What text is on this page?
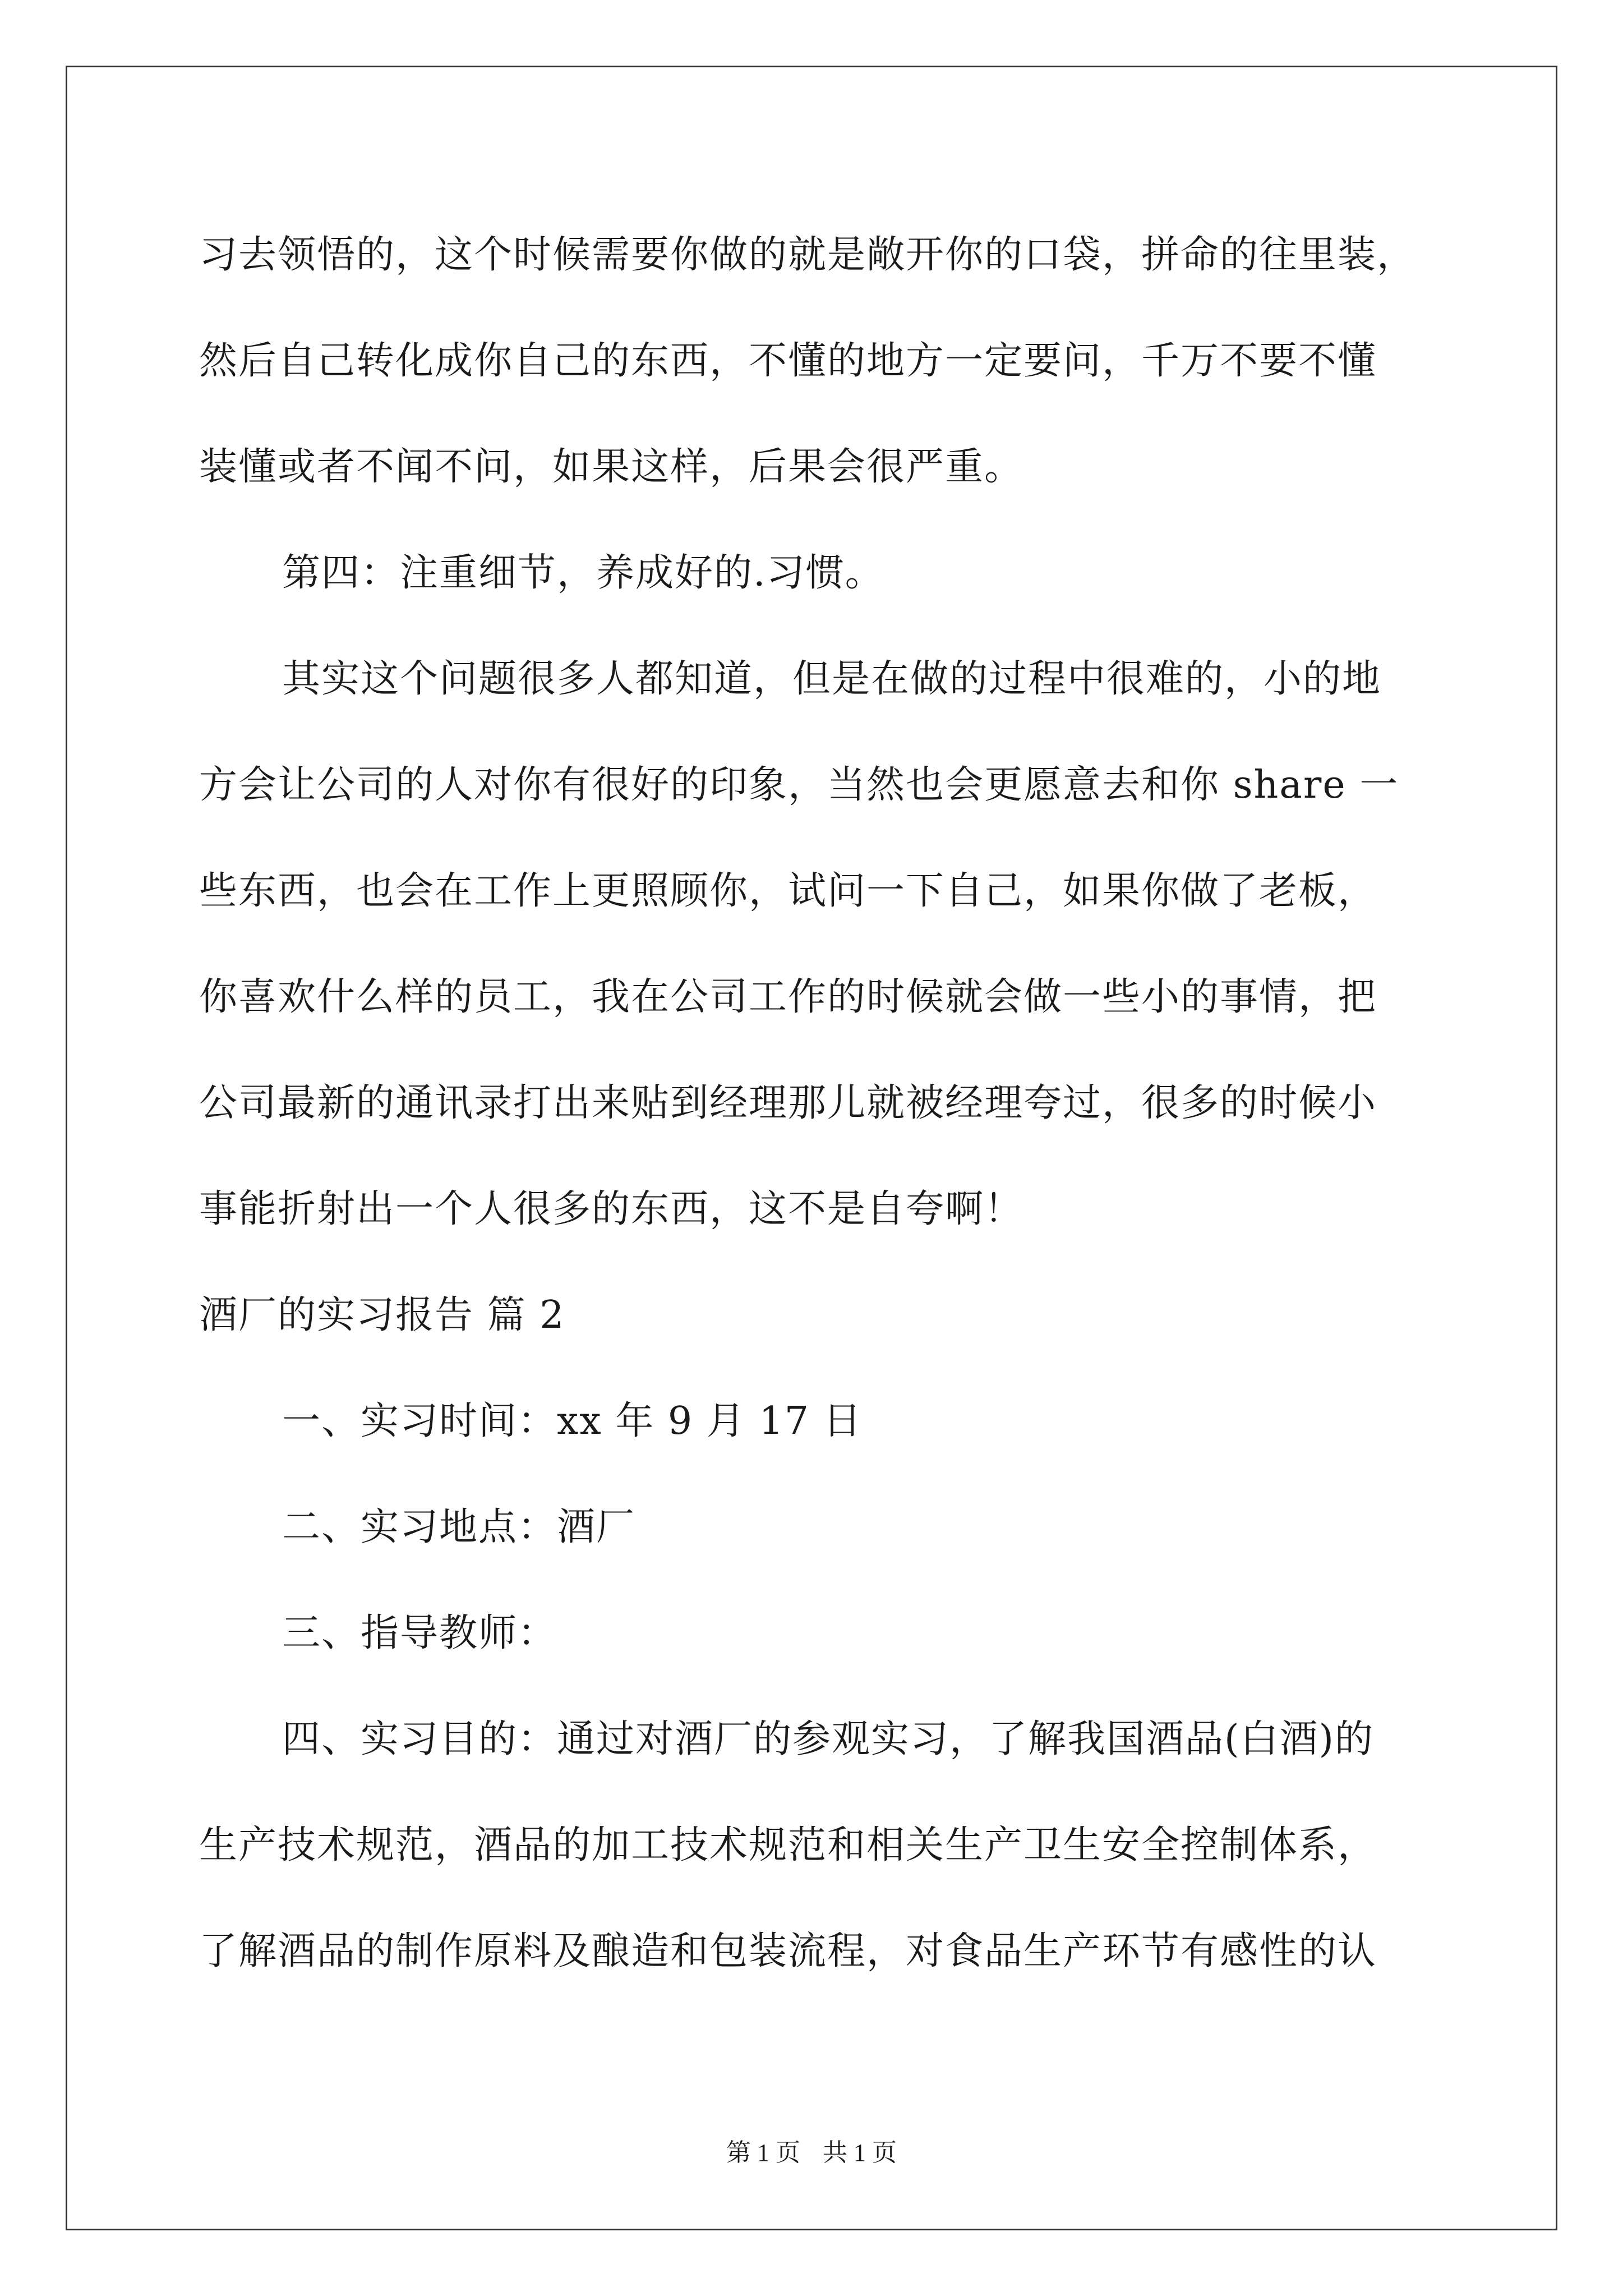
习去领悟的，这个时候需要你做的就是敞开你的口袋，拼命的往里装，

然后自己转化成你自己的东西，不懂的地方一定要问，千万不要不懂

装懂或者不闻不问，如果这样，后果会很严重。

第四：注重细节，养成好的.习惯。

其实这个问题很多人都知道，但是在做的过程中很难的，小的地

方会让公司的人对你有很好的印象，当然也会更愿意去和你 share 一

些东西，也会在工作上更照顾你，试问一下自己，如果你做了老板，

你喜欢什么样的员工，我在公司工作的时候就会做一些小的事情，把

公司最新的通讯录打出来贴到经理那儿就被经理夸过，很多的时候小

事能折射出一个人很多的东西，这不是自夸啊！

酒厂的实习报告 篇 2

一、实习时间：xx 年 9 月 17 日

二、实习地点：酒厂

三、指导教师：

四、实习目的：通过对酒厂的参观实习，了解我国酒品(白酒)的

生产技术规范，酒品的加工技术规范和相关生产卫生安全控制体系，

了解酒品的制作原料及酿造和包装流程，对食品生产环节有感性的认

第 1 页 共 1 页
